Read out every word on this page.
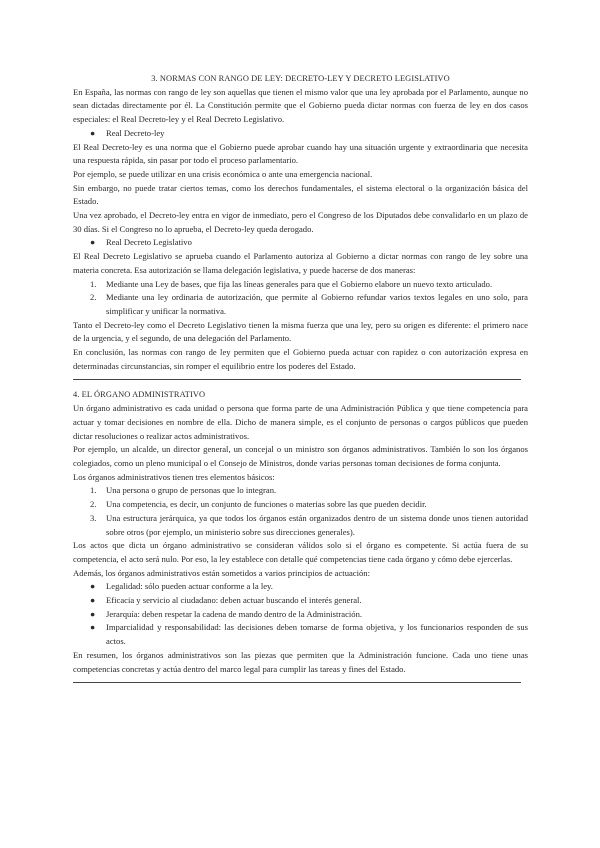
3. NORMAS CON RANGO DE LEY: DECRETO-LEY Y DECRETO LEGISLATIVO

En España, las normas con rango de ley son aquellas que tienen el mismo valor que una ley aprobada por el Parlamento, aunque no sean dictadas directamente por él. La Constitución permite que el Gobierno pueda dictar normas con fuerza de ley en dos casos especiales: el Real Decreto-ley y el Real Decreto Legislativo.

● Real Decreto-ley

El Real Decreto-ley es una norma que el Gobierno puede aprobar cuando hay una situación urgente y extraordinaria que necesita una respuesta rápida, sin pasar por todo el proceso parlamentario.

Por ejemplo, se puede utilizar en una crisis económica o ante una emergencia nacional.

Sin embargo, no puede tratar ciertos temas, como los derechos fundamentales, el sistema electoral o la organización básica del Estado.

Una vez aprobado, el Decreto-ley entra en vigor de inmediato, pero el Congreso de los Diputados debe convalidarlo en un plazo de 30 días. Si el Congreso no lo aprueba, el Decreto-ley queda derogado.

● Real Decreto Legislativo

El Real Decreto Legislativo se aprueba cuando el Parlamento autoriza al Gobierno a dictar normas con rango de ley sobre una materia concreta. Esa autorización se llama delegación legislativa, y puede hacerse de dos maneras:

1. Mediante una Ley de bases, que fija las líneas generales para que el Gobierno elabore un nuevo texto articulado.
2. Mediante una ley ordinaria de autorización, que permite al Gobierno refundar varios textos legales en uno solo, para simplificar y unificar la normativa.

Tanto el Decreto-ley como el Decreto Legislativo tienen la misma fuerza que una ley, pero su origen es diferente: el primero nace de la urgencia, y el segundo, de una delegación del Parlamento.

En conclusión, las normas con rango de ley permiten que el Gobierno pueda actuar con rapidez o con autorización expresa en determinadas circunstancias, sin romper el equilibrio entre los poderes del Estado.

4. EL ÓRGANO ADMINISTRATIVO

Un órgano administrativo es cada unidad o persona que forma parte de una Administración Pública y que tiene competencia para actuar y tomar decisiones en nombre de ella. Dicho de manera simple, es el conjunto de personas o cargos públicos que pueden dictar resoluciones o realizar actos administrativos.

Por ejemplo, un alcalde, un director general, un concejal o un ministro son órganos administrativos. También lo son los órganos colegiados, como un pleno municipal o el Consejo de Ministros, donde varias personas toman decisiones de forma conjunta.

Los órganos administrativos tienen tres elementos básicos:

1. Una persona o grupo de personas que lo integran.
2. Una competencia, es decir, un conjunto de funciones o materias sobre las que pueden decidir.
3. Una estructura jerárquica, ya que todos los órganos están organizados dentro de un sistema donde unos tienen autoridad sobre otros (por ejemplo, un ministerio sobre sus direcciones generales).

Los actos que dicta un órgano administrativo se consideran válidos solo si el órgano es competente. Si actúa fuera de su competencia, el acto será nulo. Por eso, la ley establece con detalle qué competencias tiene cada órgano y cómo debe ejercerlas.

Además, los órganos administrativos están sometidos a varios principios de actuación:

● Legalidad: sólo pueden actuar conforme a la ley.
● Eficacia y servicio al ciudadano: deben actuar buscando el interés general.
● Jerarquía: deben respetar la cadena de mando dentro de la Administración.
● Imparcialidad y responsabilidad: las decisiones deben tomarse de forma objetiva, y los funcionarios responden de sus actos.

En resumen, los órganos administrativos son las piezas que permiten que la Administración funcione. Cada uno tiene unas competencias concretas y actúa dentro del marco legal para cumplir las tareas y fines del Estado.
